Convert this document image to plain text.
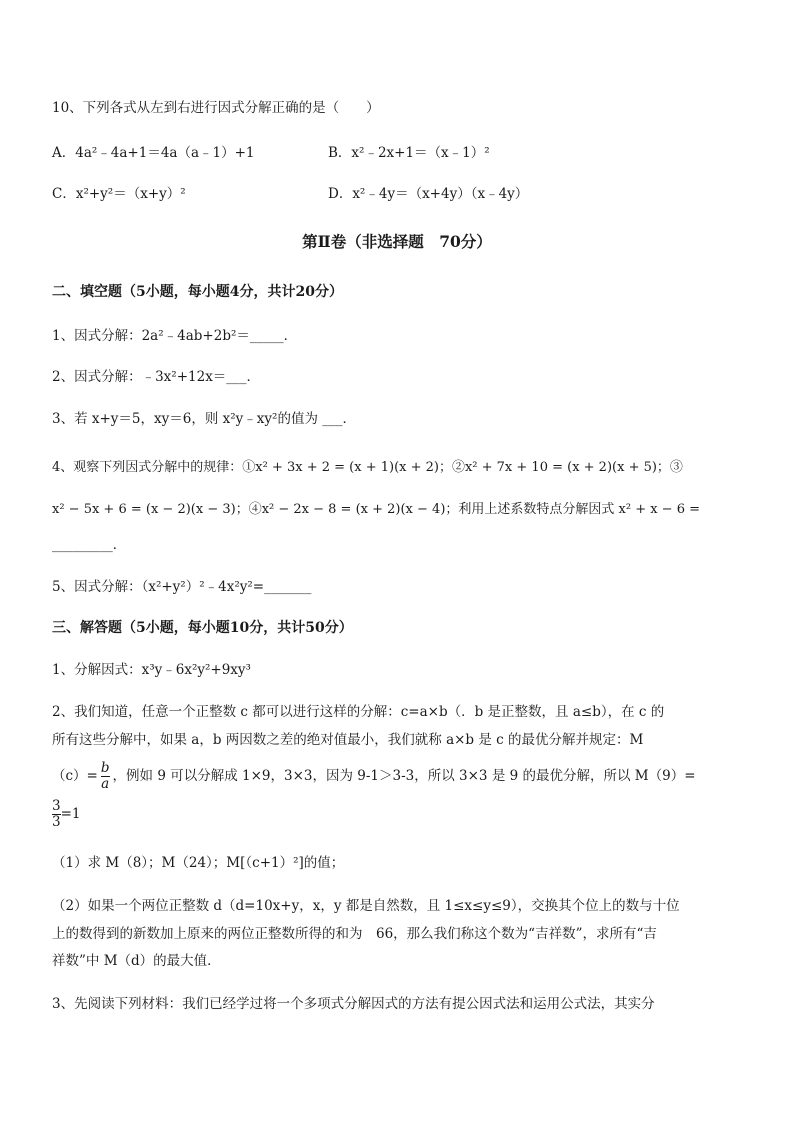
10、下列各式从左到右进行因式分解正确的是（　　）
A．4a²﹣4a+1＝4a（a﹣1）+1	B．x²﹣2x+1＝（x﹣1）²
C．x²+y²＝（x+y）²	D．x²﹣4y＝（x+4y）（x﹣4y）
第Ⅱ卷（非选择题　70分）
二、填空题（5小题，每小题4分，共计20分）
1、因式分解：2a²﹣4ab+2b²＝_____．
2、因式分解：﹣3x²+12x＝___．
3、若 x+y＝5，xy＝6，则 x²y﹣xy²的值为 ___．
4、观察下列因式分解中的规律：①x² + 3x + 2 = (x + 1)(x + 2)；②x² + 7x + 10 = (x + 2)(x + 5)；③
x² − 5x + 6 = (x − 2)(x − 3)；④x² − 2x − 8 = (x + 2)(x − 4)；利用上述系数特点分解因式 x² + x − 6 =
_________．
5、因式分解：（x²+y²）²﹣4x²y²=_______
三、解答题（5小题，每小题10分，共计50分）
1、分解因式：x³y﹣6x²y²+9xy³
2、我们知道，任意一个正整数 c 都可以进行这样的分解：c=a×b（．b 是正整数，且 a≤b），在 c 的
所有这些分解中，如果 a，b 两因数之差的绝对值最小，我们就称 a×b 是 c 的最优分解并规定：M
$(c)= \frac{b}{a}$ ，例如 9 可以分解成 1×9，3×3，因为 9-1＞3-3，所以 3×3 是 9 的最优分解，所以 M（9）=
$\frac{3}{3} =1$
（1）求 M（8）；M（24）；M[（c+1）²]的值；
（2）如果一个两位正整数 d（d=10x+y，x，y 都是自然数，且 1≤x≤y≤9），交换其个位上的数与十位
上的数得到的新数加上原来的两位正整数所得的和为　66，那么我们称这个数为“吉祥数”，求所有“吉
祥数”中 M（d）的最大值．
3、先阅读下列材料：我们已经学过将一个多项式分解因式的方法有提公因式法和运用公式法，其实分
